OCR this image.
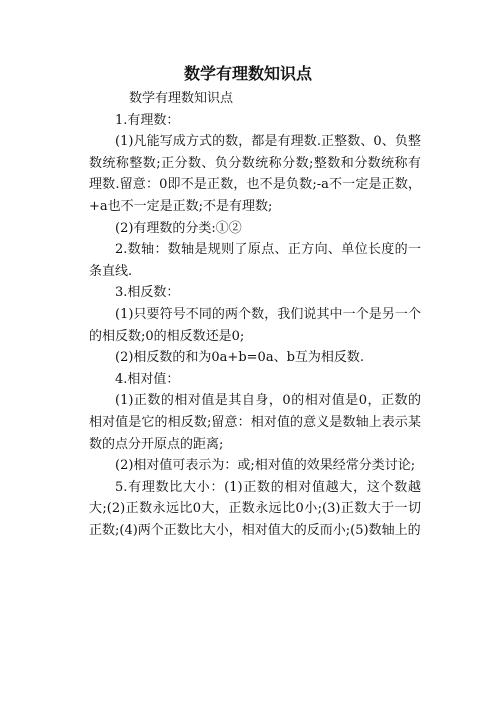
数学有理数知识点

数学有理数知识点

1.有理数：

(1)凡能写成方式的数，都是有理数.正整数、0、负整数统称整数;正分数、负分数统称分数;整数和分数统称有理数.留意：0即不是正数，也不是负数;-a不一定是正数，+a也不一定是正数;不是有理数;

(2)有理数的分类:①②

2.数轴：数轴是规则了原点、正方向、单位长度的一条直线.

3.相反数：

(1)只要符号不同的两个数，我们说其中一个是另一个的相反数;0的相反数还是0;

(2)相反数的和为0a+b=0a、b互为相反数.

4.相对值：

(1)正数的相对值是其自身，0的相对值是0，正数的相对值是它的相反数;留意：相对值的意义是数轴上表示某数的点分开原点的距离;

(2)相对值可表示为：或;相对值的效果经常分类讨论;

5.有理数比大小：(1)正数的相对值越大，这个数越大;(2)正数永远比0大，正数永远比0小;(3)正数大于一切正数;(4)两个正数比大小，相对值大的反而小;(5)数轴上的
